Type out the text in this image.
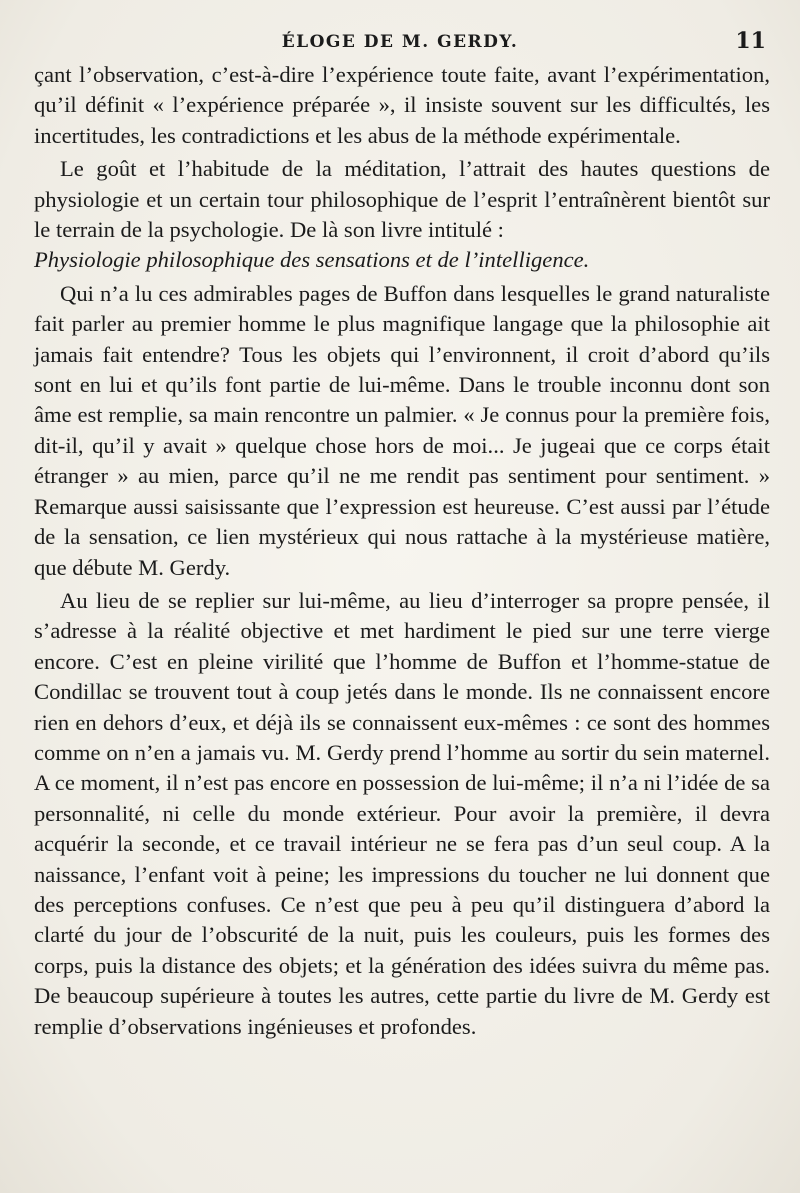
ÉLOGE DE M. GERDY.	11

çant l’observation, c’est-à-dire l’expérience toute faite, avant l’expérimentation, qu’il définit « l’expérience préparée », il insiste souvent sur les difficultés, les incertitudes, les contradictions et les abus de la méthode expérimentale.

Le goût et l’habitude de la méditation, l’attrait des hautes questions de physiologie et un certain tour philosophique de l’esprit l’entraînèrent bientôt sur le terrain de la psychologie. De là son livre intitulé :
Physiologie philosophique des sensations et de l’intelligence.

Qui n’a lu ces admirables pages de Buffon dans lesquelles le grand naturaliste fait parler au premier homme le plus magnifique langage que la philosophie ait jamais fait entendre? Tous les objets qui l’environnent, il croit d’abord qu’ils sont en lui et qu’ils font partie de lui-même. Dans le trouble inconnu dont son âme est remplie, sa main rencontre un palmier. « Je connus pour la première fois, dit-il, qu’il y avait » quelque chose hors de moi... Je jugeai que ce corps était étranger » au mien, parce qu’il ne me rendit pas sentiment pour sentiment. » Remarque aussi saisissante que l’expression est heureuse. C’est aussi par l’étude de la sensation, ce lien mystérieux qui nous rattache à la mystérieuse matière, que débute M. Gerdy.

Au lieu de se replier sur lui-même, au lieu d’interroger sa propre pensée, il s’adresse à la réalité objective et met hardiment le pied sur une terre vierge encore. C’est en pleine virilité que l’homme de Buffon et l’homme-statue de Condillac se trouvent tout à coup jetés dans le monde. Ils ne connaissent encore rien en dehors d’eux, et déjà ils se connaissent eux-mêmes : ce sont des hommes comme on n’en a jamais vu. M. Gerdy prend l’homme au sortir du sein maternel. A ce moment, il n’est pas encore en possession de lui-même; il n’a ni l’idée de sa personnalité, ni celle du monde extérieur. Pour avoir la première, il devra acquérir la seconde, et ce travail intérieur ne se fera pas d’un seul coup. A la naissance, l’enfant voit à peine; les impressions du toucher ne lui donnent que des perceptions confuses. Ce n’est que peu à peu qu’il distinguera d’abord la clarté du jour de l’obscurité de la nuit, puis les couleurs, puis les formes des corps, puis la distance des objets; et la génération des idées suivra du même pas. De beaucoup supérieure à toutes les autres, cette partie du livre de M. Gerdy est remplie d’observations ingénieuses et profondes.
